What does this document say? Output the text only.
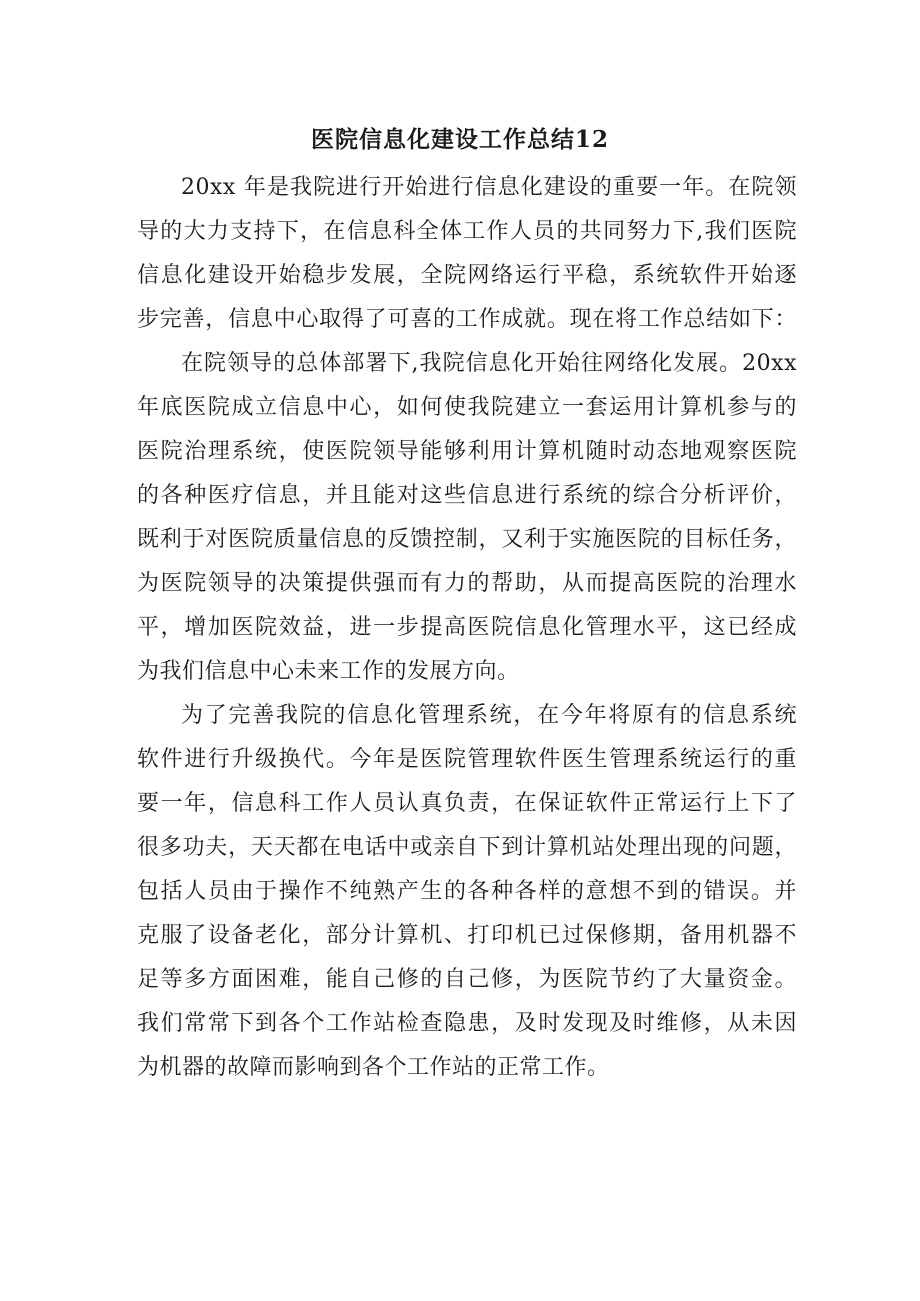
医院信息化建设工作总结12
20xx 年是我院进行开始进行信息化建设的重要一年。在院领
导的大力支持下，在信息科全体工作人员的共同努力下,我们医院
信息化建设开始稳步发展，全院网络运行平稳，系统软件开始逐
步完善，信息中心取得了可喜的工作成就。现在将工作总结如下：
在院领导的总体部署下,我院信息化开始往网络化发展。20xx
年底医院成立信息中心，如何使我院建立一套运用计算机参与的
医院治理系统，使医院领导能够利用计算机随时动态地观察医院
的各种医疗信息，并且能对这些信息进行系统的综合分析评价，
既利于对医院质量信息的反馈控制，又利于实施医院的目标任务，
为医院领导的决策提供强而有力的帮助，从而提高医院的治理水
平，增加医院效益，进一步提高医院信息化管理水平，这已经成
为我们信息中心未来工作的发展方向。
为了完善我院的信息化管理系统，在今年将原有的信息系统
软件进行升级换代。今年是医院管理软件医生管理系统运行的重
要一年，信息科工作人员认真负责，在保证软件正常运行上下了
很多功夫，天天都在电话中或亲自下到计算机站处理出现的问题，
包括人员由于操作不纯熟产生的各种各样的意想不到的错误。并
克服了设备老化，部分计算机、打印机已过保修期，备用机器不
足等多方面困难，能自己修的自己修，为医院节约了大量资金。
我们常常下到各个工作站检查隐患，及时发现及时维修，从未因
为机器的故障而影响到各个工作站的正常工作。
